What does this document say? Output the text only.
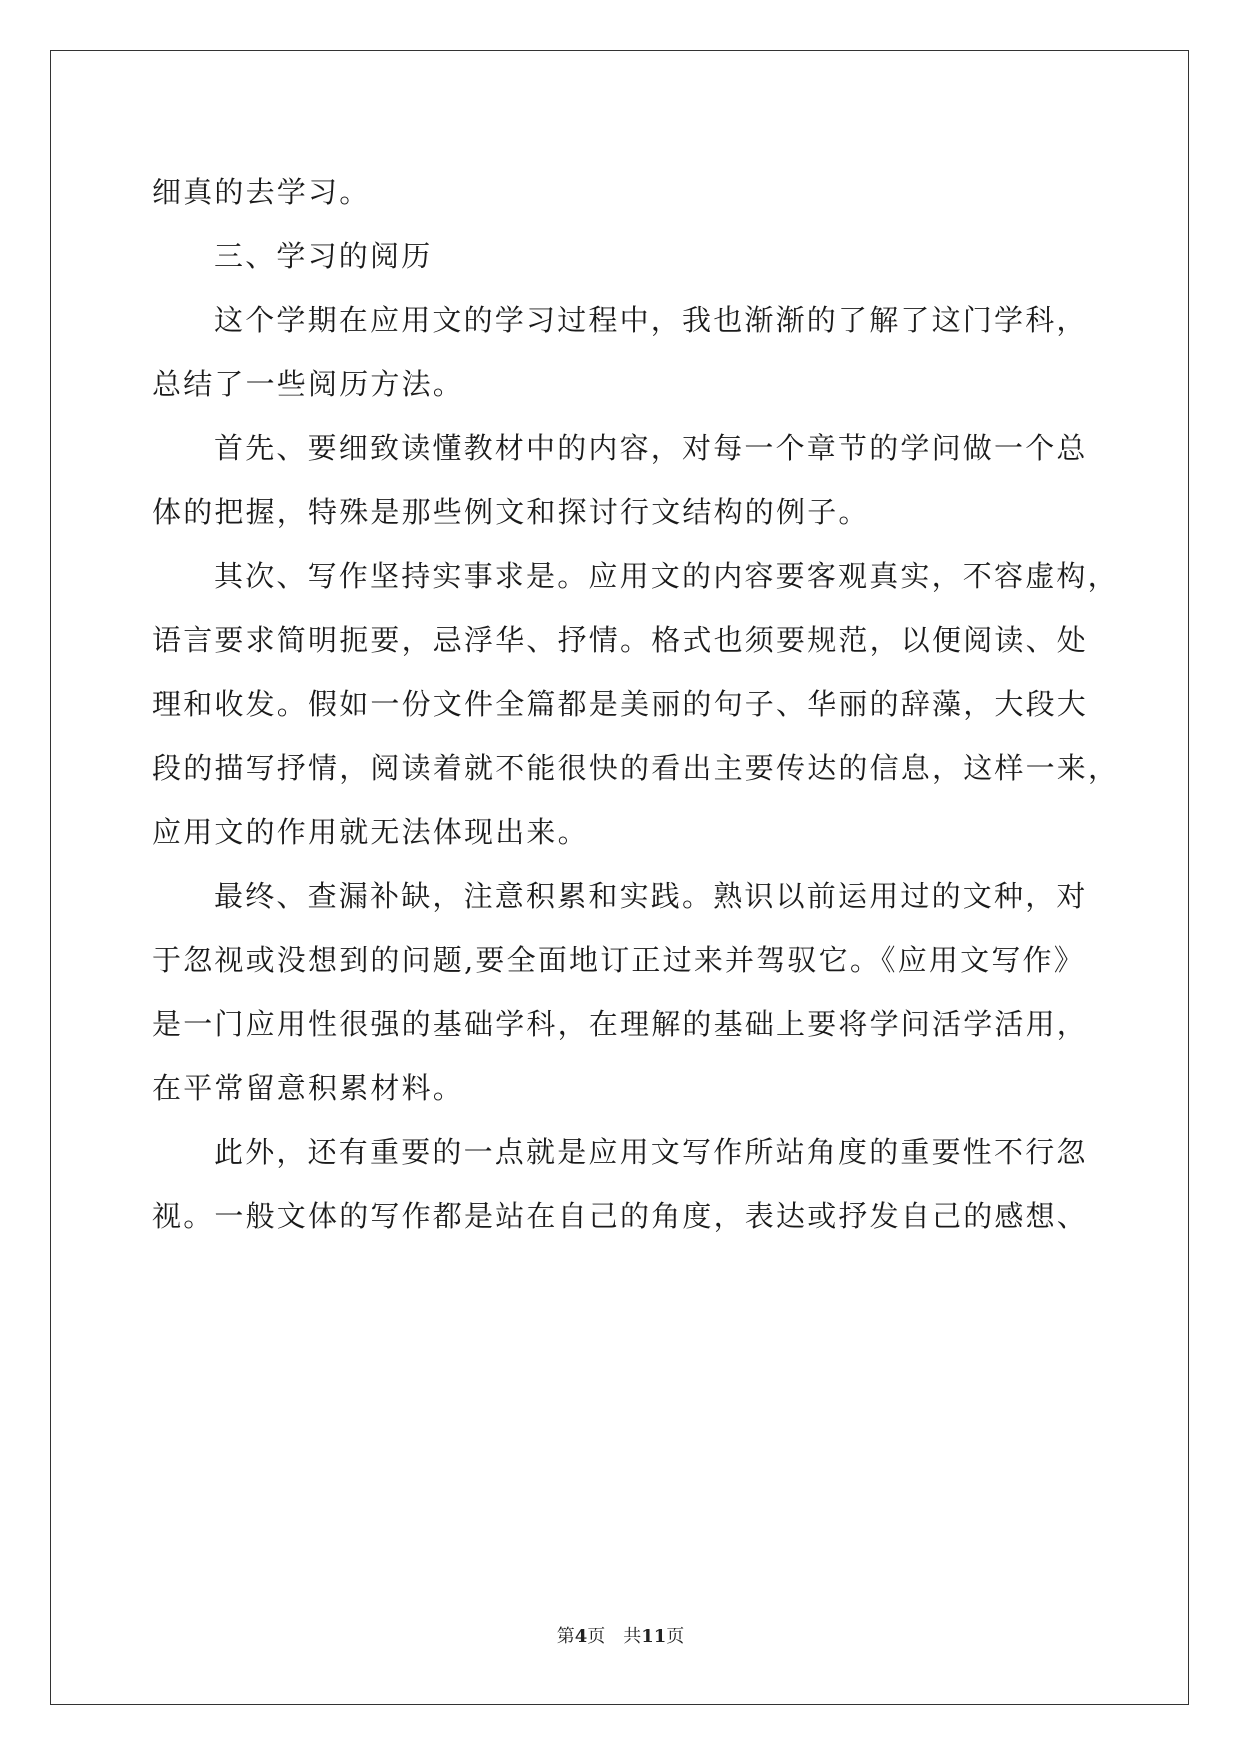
细真的去学习。
三、学习的阅历
这个学期在应用文的学习过程中，我也渐渐的了解了这门学科，
总结了一些阅历方法。
首先、要细致读懂教材中的内容，对每一个章节的学问做一个总
体的把握，特殊是那些例文和探讨行文结构的例子。
其次、写作坚持实事求是。应用文的内容要客观真实，不容虚构，
语言要求简明扼要，忌浮华、抒情。格式也须要规范，以便阅读、处
理和收发。假如一份文件全篇都是美丽的句子、华丽的辞藻，大段大
段的描写抒情，阅读着就不能很快的看出主要传达的信息，这样一来，
应用文的作用就无法体现出来。
最终、查漏补缺，注意积累和实践。熟识以前运用过的文种，对
于忽视或没想到的问题,要全面地订正过来并驾驭它。《应用文写作》
是一门应用性很强的基础学科，在理解的基础上要将学问活学活用，
在平常留意积累材料。
此外，还有重要的一点就是应用文写作所站角度的重要性不行忽
视。一般文体的写作都是站在自己的角度，表达或抒发自己的感想、
第4页 共11页
